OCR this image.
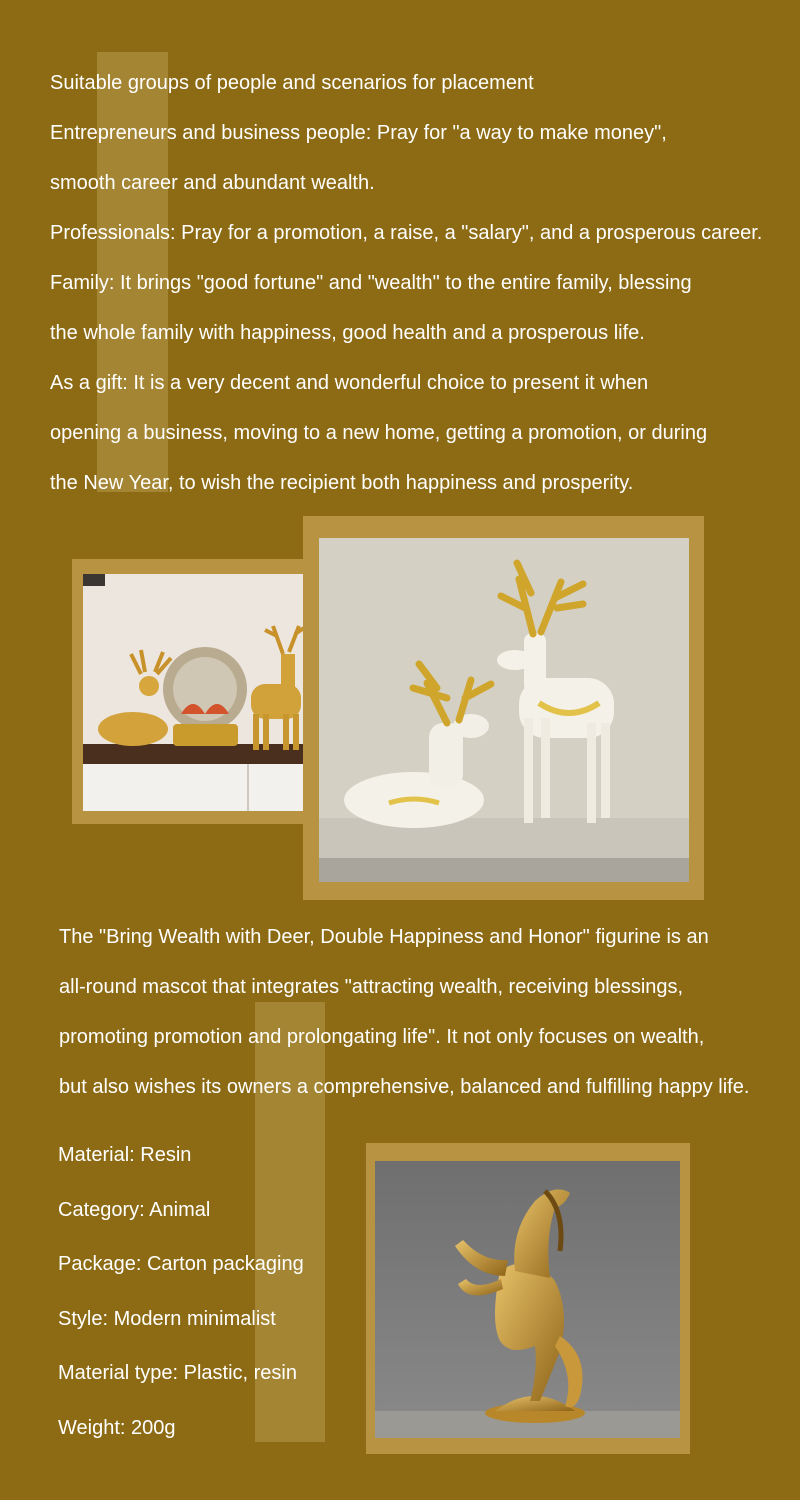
Suitable groups of people and scenarios for placement

Entrepreneurs and business people: Pray for "a way to make money",

smooth career and abundant wealth.

Professionals: Pray for a promotion, a raise, a "salary", and a prosperous career.

Family: It brings "good fortune" and "wealth" to the entire family, blessing

the whole family with happiness, good health and a prosperous life.

As a gift: It is a very decent and wonderful choice to present it when

opening a business, moving to a new home, getting a promotion, or during

the New Year, to wish the recipient both happiness and prosperity.

The "Bring Wealth with Deer, Double Happiness and Honor" figurine is an

all-round mascot that integrates "attracting wealth, receiving blessings,

promoting promotion and prolongating life". It not only focuses on wealth,

but also wishes its owners a comprehensive, balanced and fulfilling happy life.

Material: Resin

Category: Animal

Package: Carton packaging

Style: Modern minimalist

Material type: Plastic, resin

Weight: 200g
